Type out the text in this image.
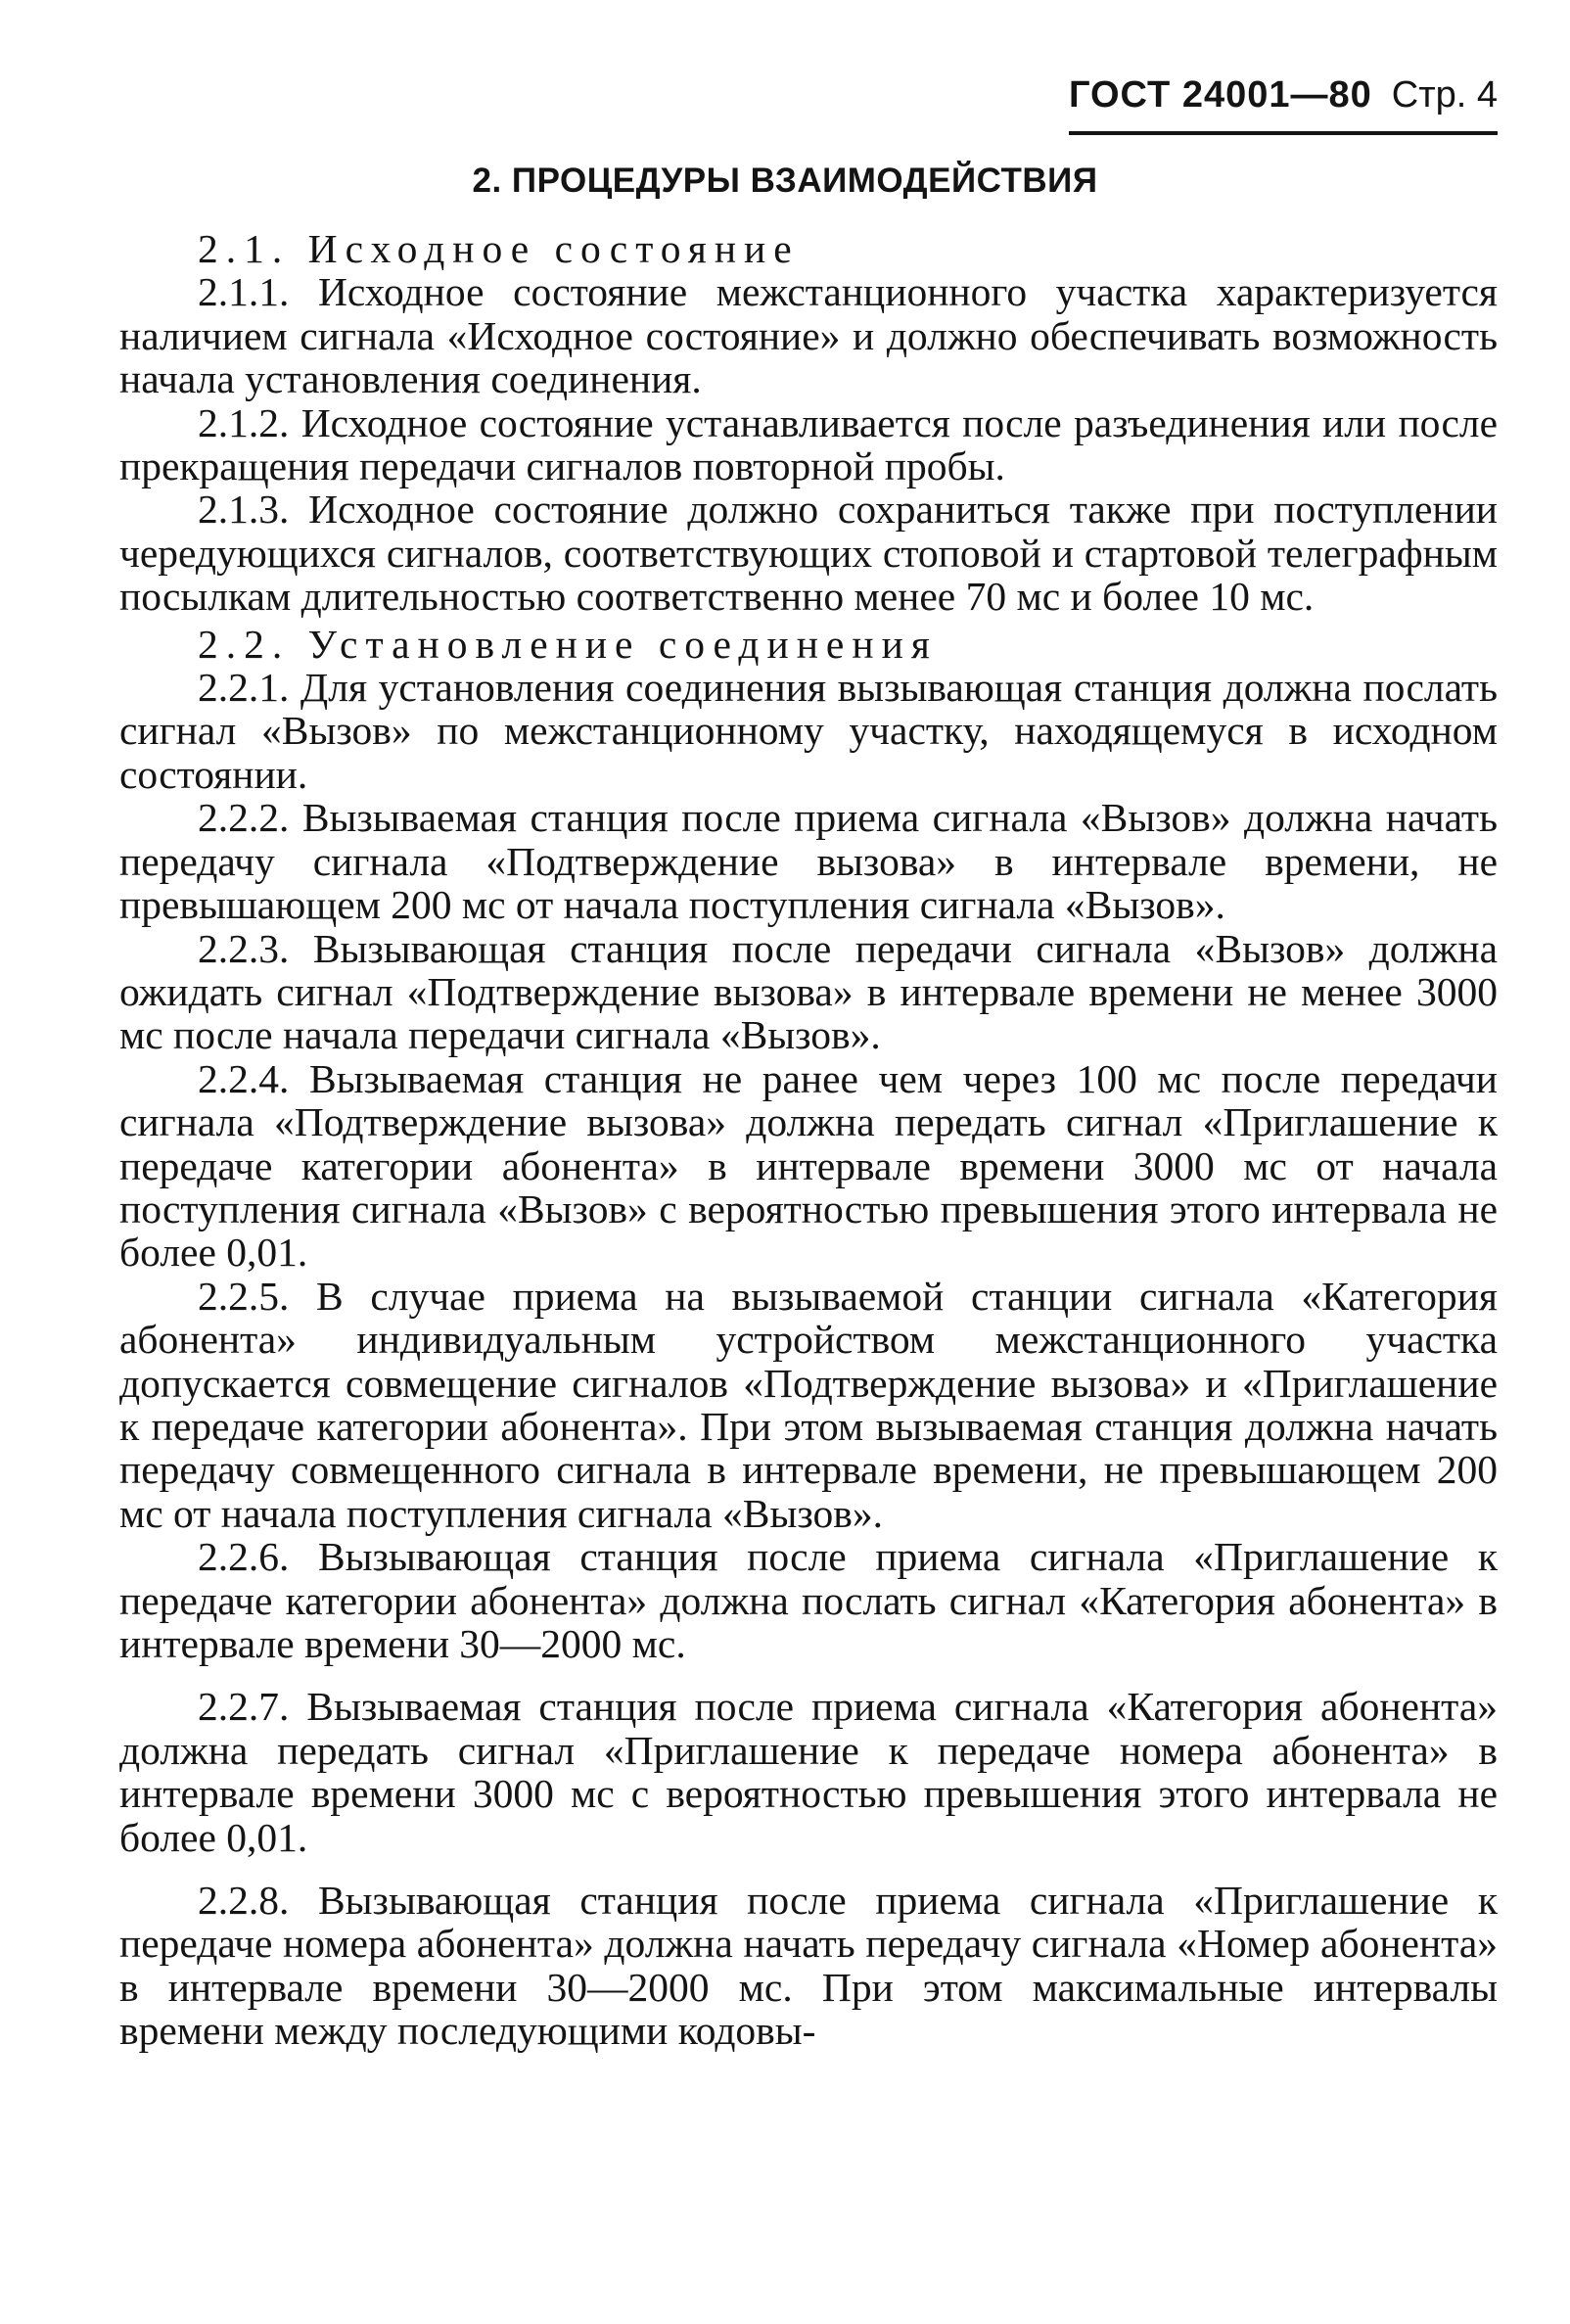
ГОСТ 24001—80 Стр. 4
2. ПРОЦЕДУРЫ ВЗАИМОДЕЙСТВИЯ

2.1. Исходное состояние

2.1.1. Исходное состояние межстанционного участка характеризуется наличием сигнала «Исходное состояние» и должно обеспечивать возможность начала установления соединения.

2.1.2. Исходное состояние устанавливается после разъединения или после прекращения передачи сигналов повторной пробы.

2.1.3. Исходное состояние должно сохраниться также при поступлении чередующихся сигналов, соответствующих стоповой и стартовой телеграфным посылкам длительностью соответственно менее 70 мс и более 10 мс.

2.2. Установление соединения

2.2.1. Для установления соединения вызывающая станция должна послать сигнал «Вызов» по межстанционному участку, находящемуся в исходном состоянии.

2.2.2. Вызываемая станция после приема сигнала «Вызов» должна начать передачу сигнала «Подтверждение вызова» в интервале времени, не превышающем 200 мс от начала поступления сигнала «Вызов».

2.2.3. Вызывающая станция после передачи сигнала «Вызов» должна ожидать сигнал «Подтверждение вызова» в интервале времени не менее 3000 мс после начала передачи сигнала «Вызов».

2.2.4. Вызываемая станция не ранее чем через 100 мс после передачи сигнала «Подтверждение вызова» должна передать сигнал «Приглашение к передаче категории абонента» в интервале времени 3000 мс от начала поступления сигнала «Вызов» с вероятностью превышения этого интервала не более 0,01.

2.2.5. В случае приема на вызываемой станции сигнала «Категория абонента» индивидуальным устройством межстанционного участка допускается совмещение сигналов «Подтверждение вызова» и «Приглашение к передаче категории абонента». При этом вызываемая станция должна начать передачу совмещенного сигнала в интервале времени, не превышающем 200 мс от начала поступления сигнала «Вызов».

2.2.6. Вызывающая станция после приема сигнала «Приглашение к передаче категории абонента» должна послать сигнал «Категория абонента» в интервале времени 30—2000 мс.

2.2.7. Вызываемая станция после приема сигнала «Категория абонента» должна передать сигнал «Приглашение к передаче номера абонента» в интервале времени 3000 мс с вероятностью превышения этого интервала не более 0,01.

2.2.8. Вызывающая станция после приема сигнала «Приглашение к передаче номера абонента» должна начать передачу сигнала «Номер абонента» в интервале времени 30—2000 мс. При этом максимальные интервалы времени между последующими кодовы-
